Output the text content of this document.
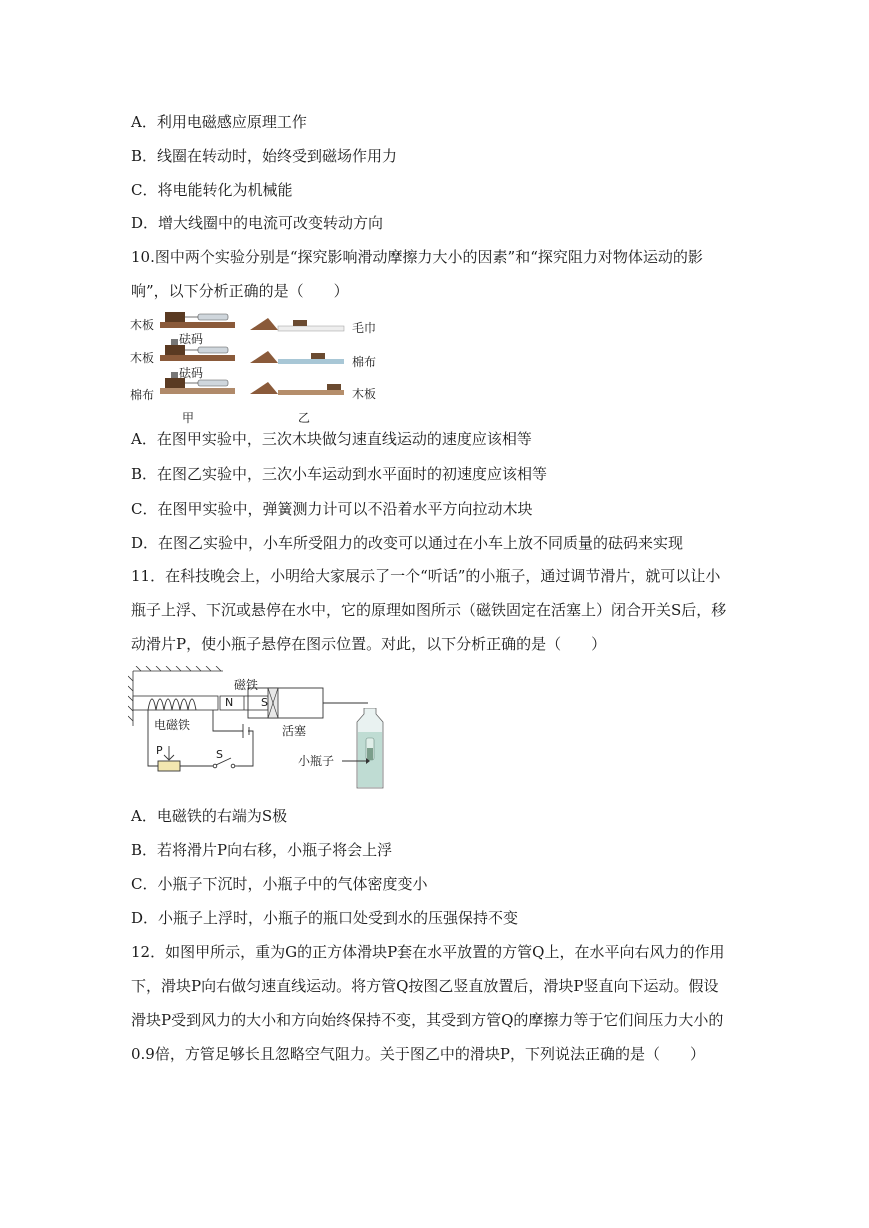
A．利用电磁感应原理工作
B．线圈在转动时，始终受到磁场作用力
C．将电能转化为机械能
D．增大线圈中的电流可改变转动方向
10.图中两个实验分别是“探究影响滑动摩擦力大小的因素”和“探究阻力对物体运动的影
响”，以下分析正确的是（　　）
木板
木板
棉布
砝码
砝码
毛巾
棉布
木板
甲	乙
A．在图甲实验中，三次木块做匀速直线运动的速度应该相等
B．在图乙实验中，三次小车运动到水平面时的初速度应该相等
C．在图甲实验中，弹簧测力计可以不沿着水平方向拉动木块
D．在图乙实验中，小车所受阻力的改变可以通过在小车上放不同质量的砝码来实现
11．在科技晚会上，小明给大家展示了一个“听话”的小瓶子，通过调节滑片，就可以让小
瓶子上浮、下沉或悬停在水中，它的原理如图所示（磁铁固定在活塞上）闭合开关S后，移
动滑片P，使小瓶子悬停在图示位置。对此，以下分析正确的是（　　）
磁铁
N	S
电磁铁	活塞
P	S	小瓶子
A．电磁铁的右端为S极
B．若将滑片P向右移，小瓶子将会上浮
C．小瓶子下沉时，小瓶子中的气体密度变小
D．小瓶子上浮时，小瓶子的瓶口处受到水的压强保持不变
12．如图甲所示，重为G的正方体滑块P套在水平放置的方管Q上，在水平向右风力的作用
下，滑块P向右做匀速直线运动。将方管Q按图乙竖直放置后，滑块P竖直向下运动。假设
滑块P受到风力的大小和方向始终保持不变，其受到方管Q的摩擦力等于它们间压力大小的
0.9倍，方管足够长且忽略空气阻力。关于图乙中的滑块P，下列说法正确的是（　　）
